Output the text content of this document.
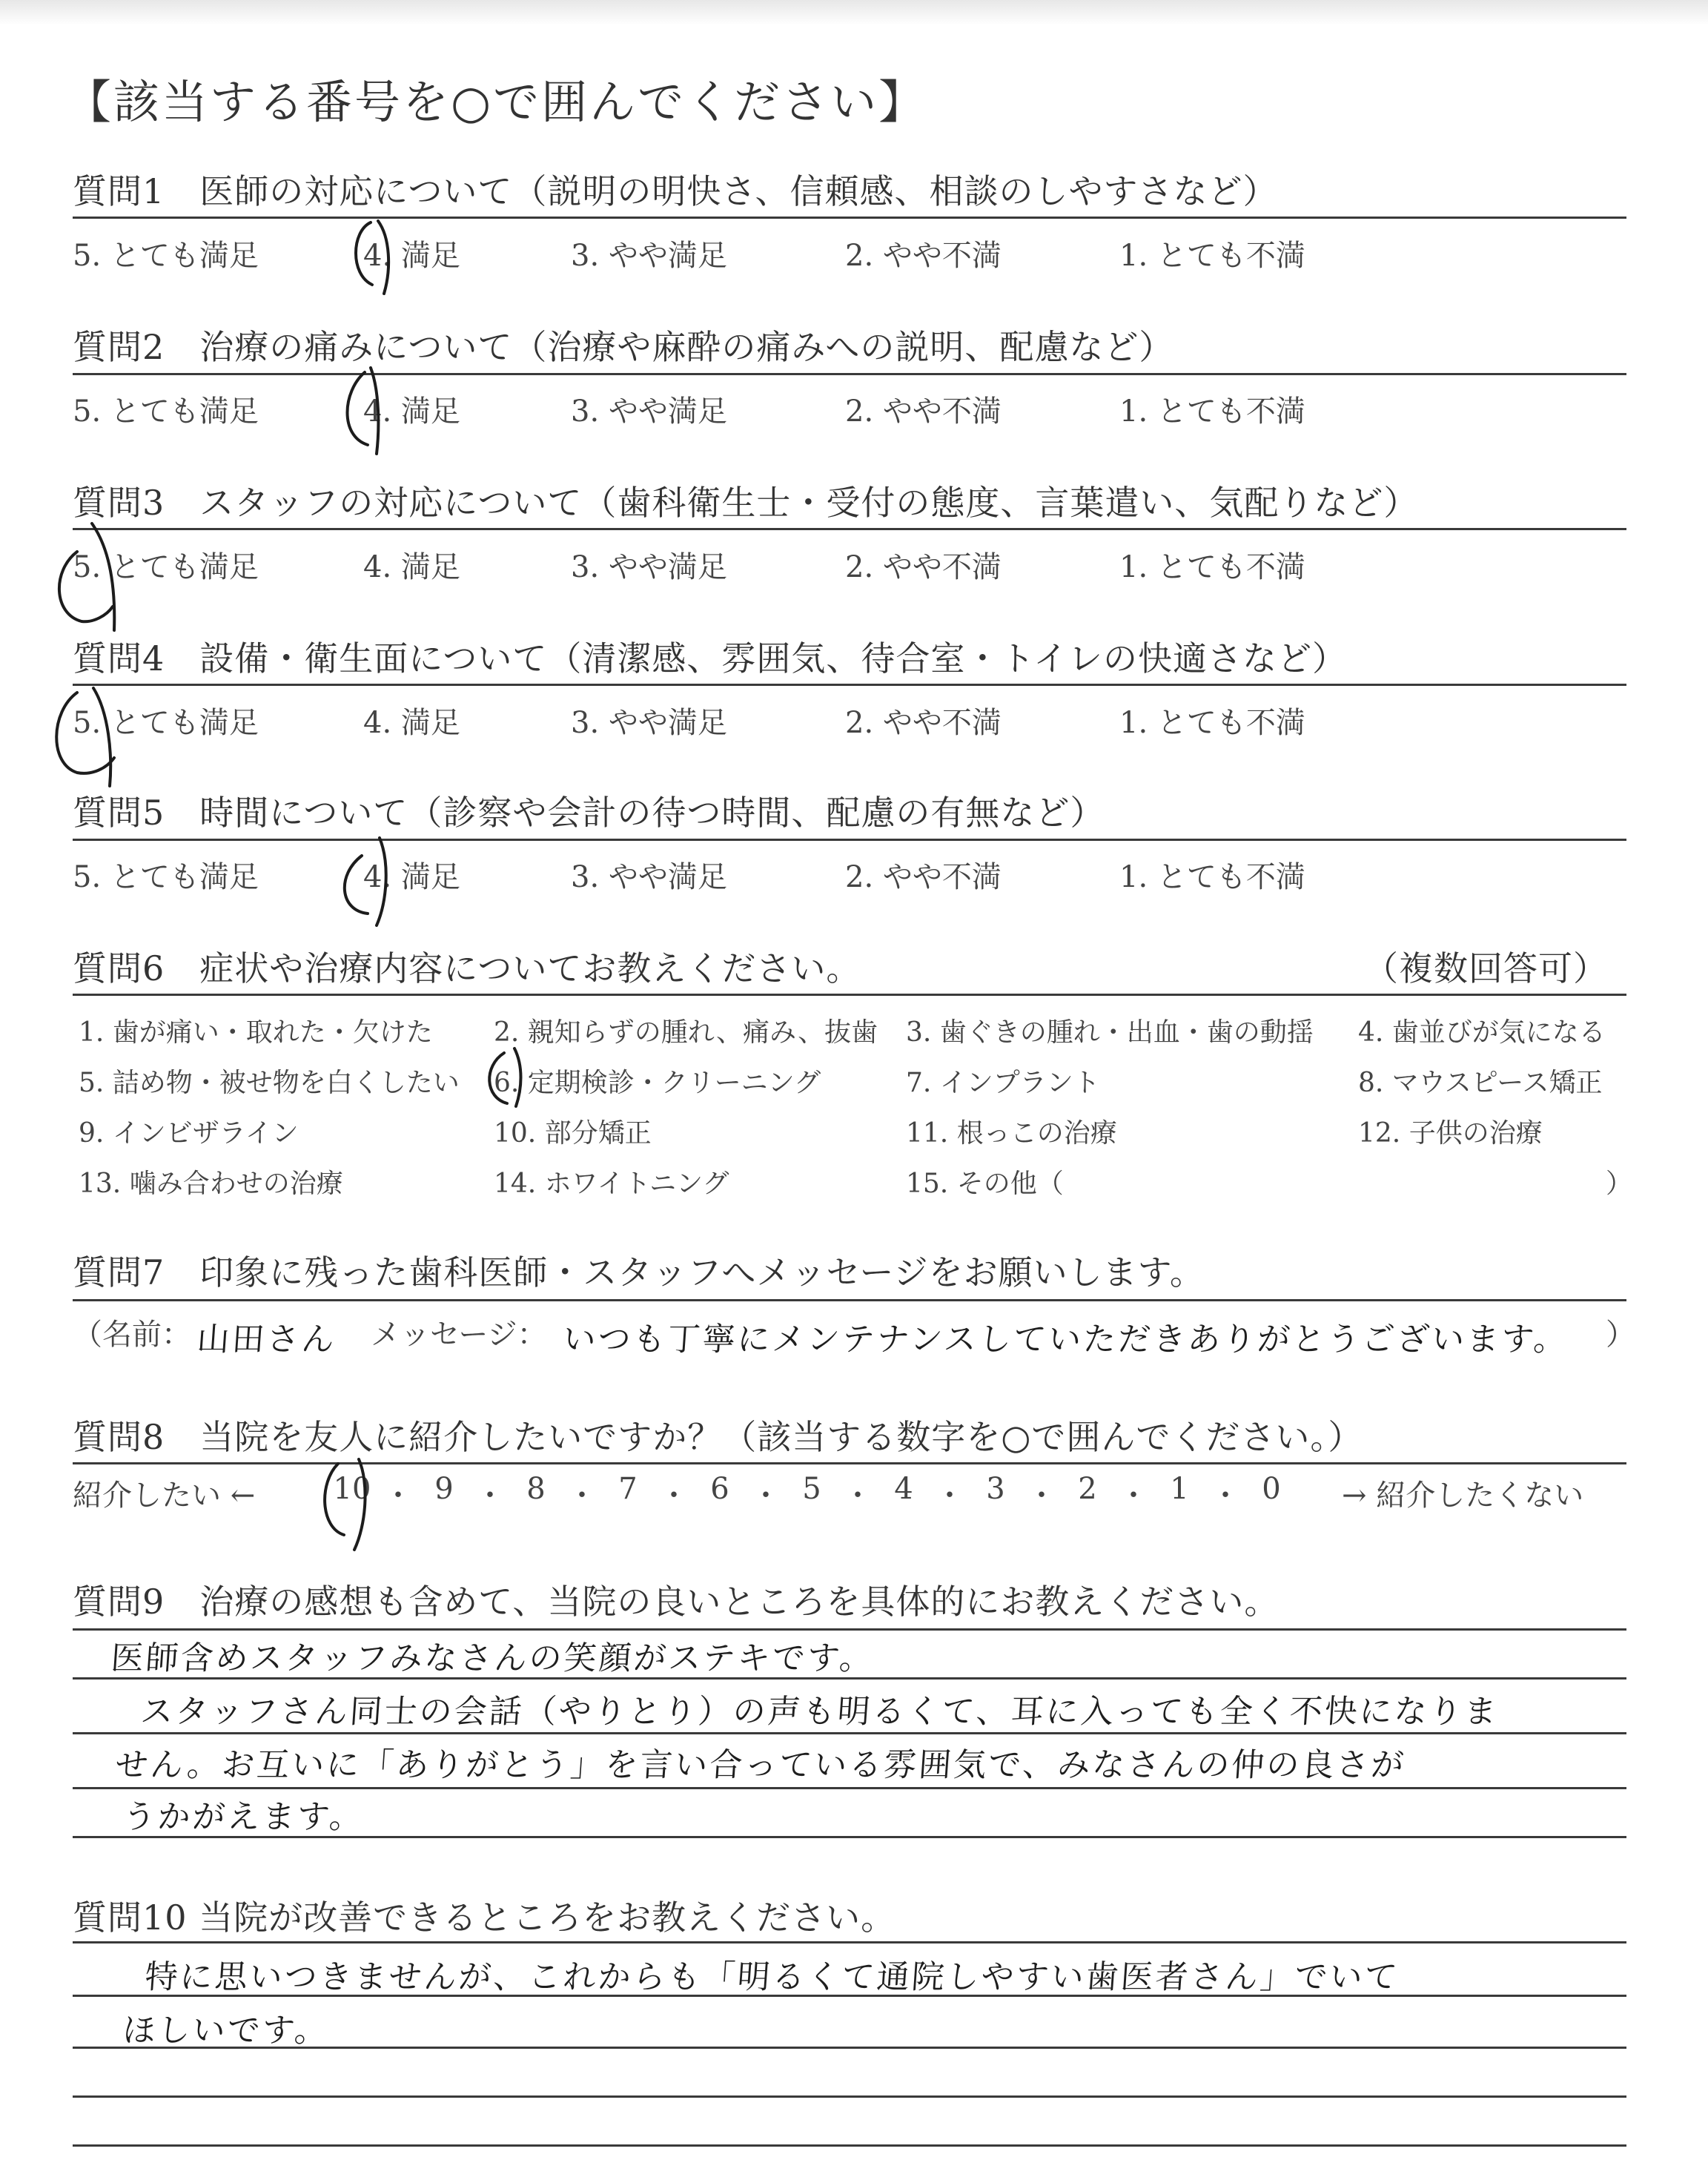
【該当する番号を○で囲んでください】
質問1　医師の対応について（説明の明快さ、信頼感、相談のしやすさなど）
5. とても満足	4. 満足	3. やや満足	2. やや不満	1. とても不満
質問2　治療の痛みについて（治療や麻酔の痛みへの説明、配慮など）
5. とても満足	4. 満足	3. やや満足	2. やや不満	1. とても不満
質問3　スタッフの対応について（歯科衛生士・受付の態度、言葉遣い、気配りなど）
5. とても満足	4. 満足	3. やや満足	2. やや不満	1. とても不満
質問4　設備・衛生面について（清潔感、雰囲気、待合室・トイレの快適さなど）
5. とても満足	4. 満足	3. やや満足	2. やや不満	1. とても不満
質問5　時間について（診察や会計の待つ時間、配慮の有無など）
5. とても満足	4. 満足	3. やや満足	2. やや不満	1. とても不満
質問6　症状や治療内容についてお教えください。	（複数回答可）
1. 歯が痛い・取れた・欠けた 2. 親知らずの腫れ、痛み、抜歯 3. 歯ぐきの腫れ・出血・歯の動揺 4. 歯並びが気になる
5. 詰め物・被せ物を白くしたい 6. 定期検診・クリーニング	7. インプラント	8. マウスピース矯正
9. インビザライン	10. 部分矯正	11. 根っこの治療	12. 子供の治療
13. 噛み合わせの治療	14. ホワイトニング	15. その他（	）
質問7　印象に残った歯科医師・スタッフへメッセージをお願いします。
（名前： 山田さん メッセージ： いつも丁寧にメンテナンスしていただきありがとうございます。 ）
質問8　当院を友人に紹介したいですか？（該当する数字を○で囲んでください。）
紹介したい ←	10 ・ 9 ・ 8 ・ 7 ・ 6 ・ 5 ・ 4 ・ 3 ・ 2 ・ 1 ・ 0	→ 紹介したくない
質問9　治療の感想も含めて、当院の良いところを具体的にお教えください。
医師含めスタッフみなさんの笑顔がステキです。
スタッフさん同士の会話（やりとり）の声も明るくて、耳に入っても全く不快になりま
せん。お互いに「ありがとう」を言い合っている雰囲気で、みなさんの仲の良さが
うかがえます。
質問10 当院が改善できるところをお教えください。
特に思いつきませんが、これからも「明るくて通院しやすい歯医者さん」でいて
ほしいです。
